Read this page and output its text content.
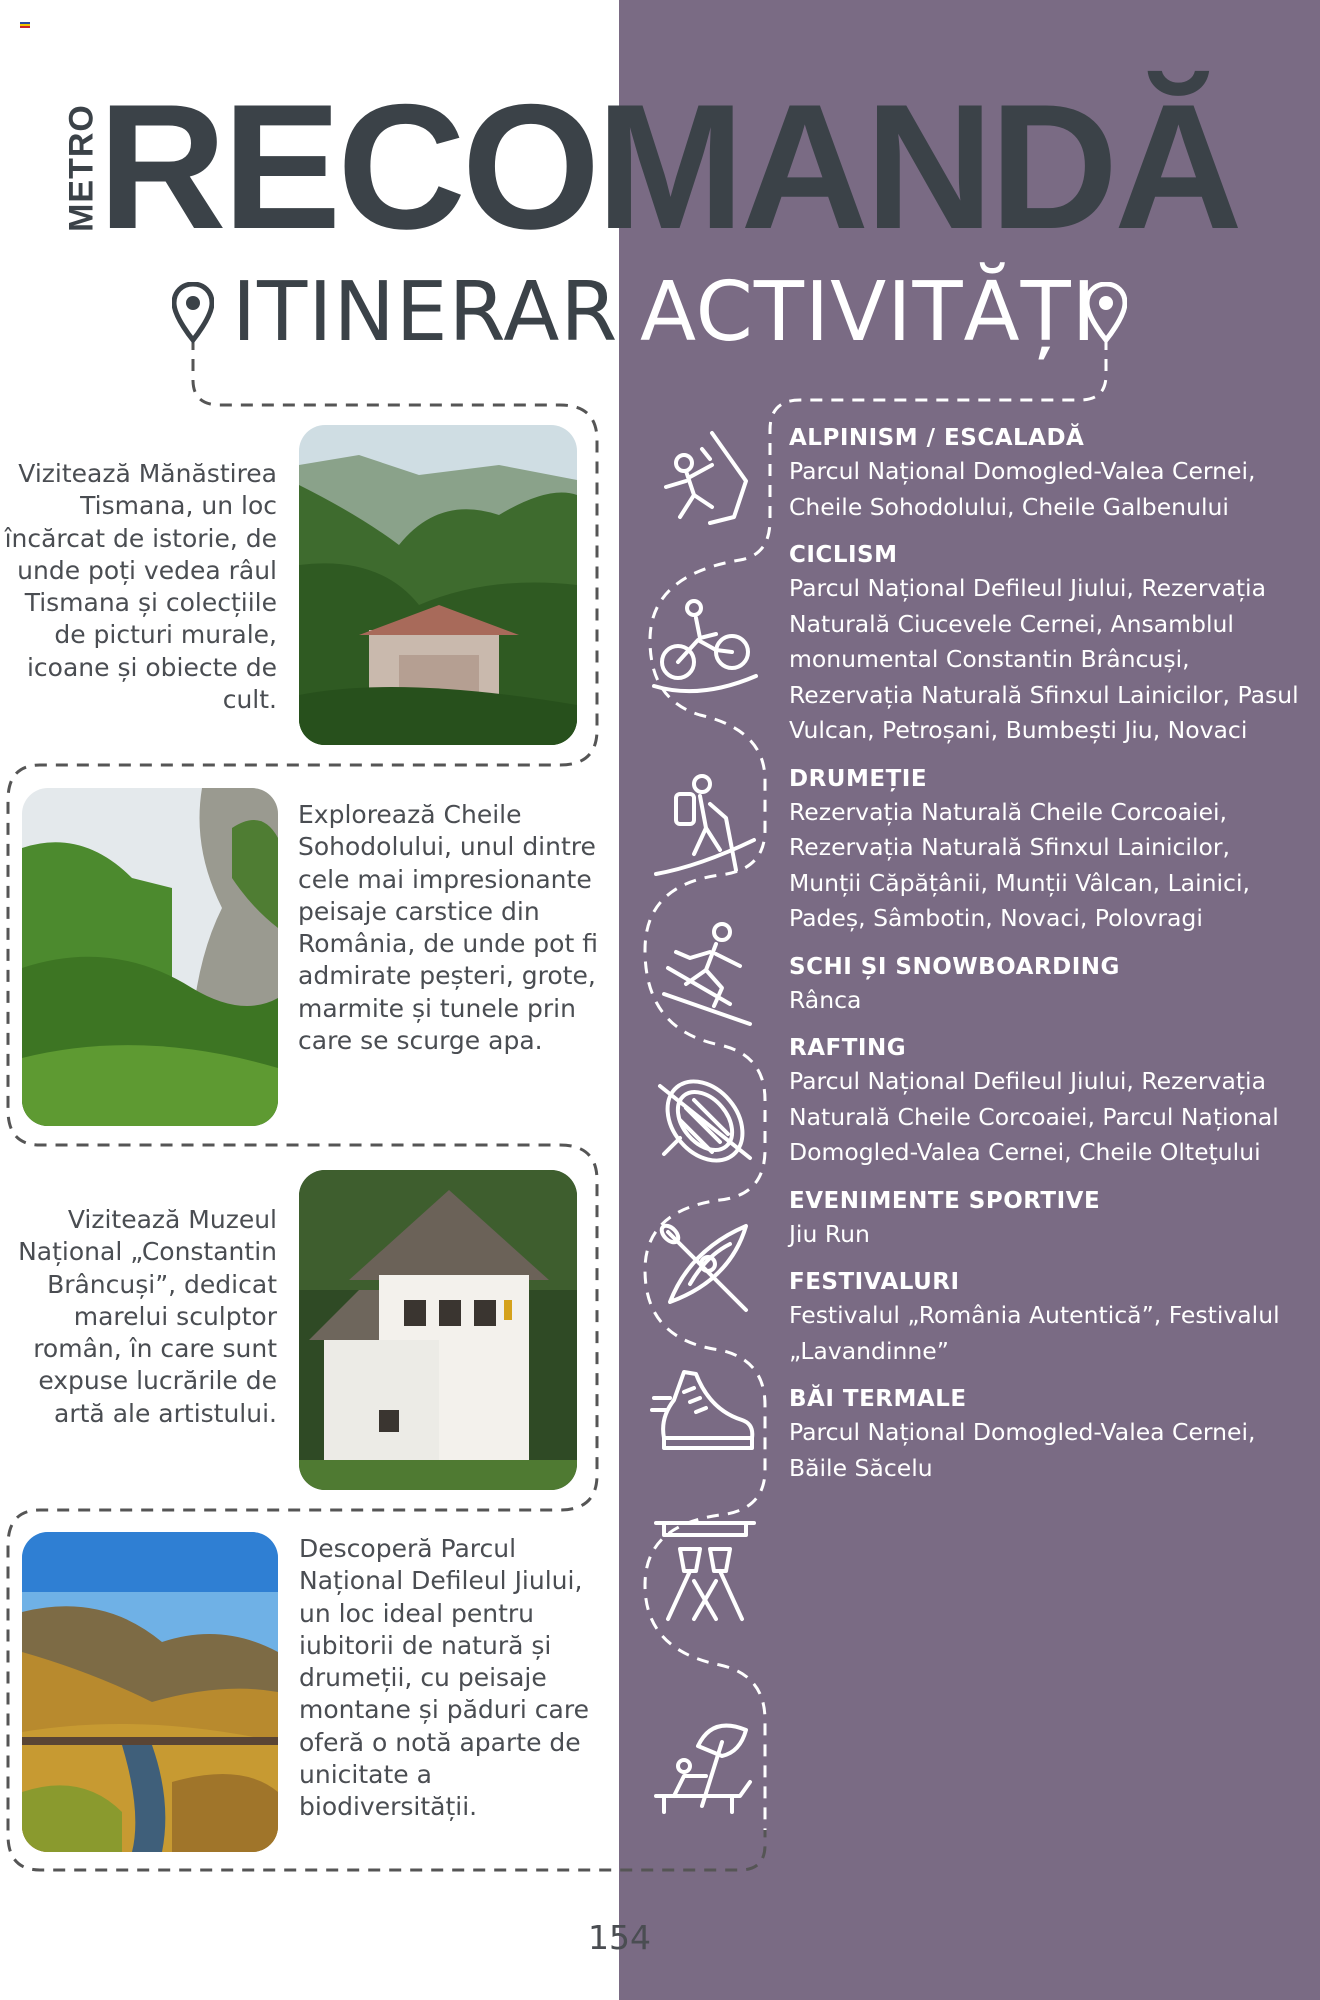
METRO
RECOMANDĂ
ITINERAR ACTIVITĂȚI
Vizitează Mănăstirea Tismana, un loc încărcat de istorie, de unde poți vedea râul Tismana și colecțiile de picturi murale, icoane și obiecte de cult.
Explorează Cheile Sohodolului, unul dintre cele mai impresionante peisaje carstice din România, de unde pot fi admirate peșteri, grote, marmite și tunele prin care se scurge apa.
Vizitează Muzeul Național „Constantin Brâncuși”, dedicat marelui sculptor român, în care sunt expuse lucrările de artă ale artistului.
Descoperă Parcul Național Defileul Jiului, un loc ideal pentru iubitorii de natură și drumeții, cu peisaje montane și păduri care oferă o notă aparte de unicitate a biodiversității.
ALPINISM / ESCALADĂ
Parcul Național Domogled-Valea Cernei, Cheile Sohodolului, Cheile Galbenului
CICLISM
Parcul Național Defileul Jiului, Rezervația Naturală Ciucevele Cernei, Ansamblul monumental Constantin Brâncuși, Rezervația Naturală Sfinxul Lainicilor, Pasul Vulcan, Petroșani, Bumbești Jiu, Novaci
DRUMEȚIE
Rezervația Naturală Cheile Corcoaiei, Rezervația Naturală Sfinxul Lainicilor, Munții Căpățânii, Munții Vâlcan, Lainici, Padeș, Sâmbotin, Novaci, Polovragi
SCHI ȘI SNOWBOARDING
Rânca
RAFTING
Parcul Național Defileul Jiului, Rezervația Naturală Cheile Corcoaiei, Parcul Național Domogled-Valea Cernei, Cheile Olteţului
EVENIMENTE SPORTIVE
Jiu Run
FESTIVALURI
Festivalul „România Autentică”, Festivalul „Lavandinne”
BĂI TERMALE
Parcul Național Domogled-Valea Cernei, Băile Săcelu
154
